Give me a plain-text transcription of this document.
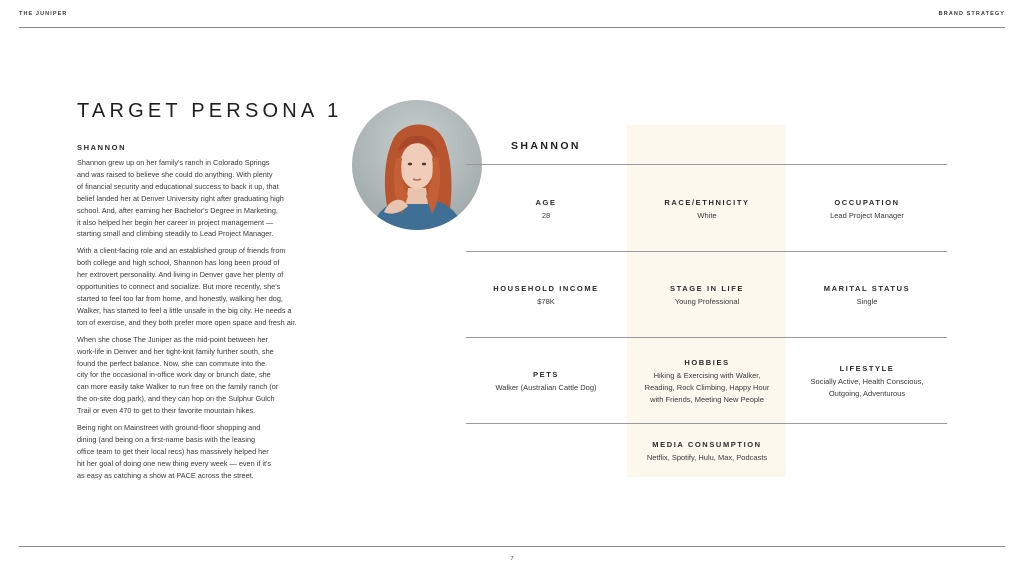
THE JUNIPER	BRAND STRATEGY
TARGET PERSONA 1
SHANNON

Shannon grew up on her family's ranch in Colorado Springs
and was raised to believe she could do anything. With plenty
of financial security and educational success to back it up, that
belief landed her at Denver University right after graduating high
school. And, after earning her Bachelor's Degree in Marketing,
it also helped her begin her career in project management —
starting small and climbing steadily to Lead Project Manager.

With a client-facing role and an established group of friends from
both college and high school, Shannon has long been proud of
her extrovert personality. And living in Denver gave her plenty of
opportunities to connect and socialize. But more recently, she's
started to feel too far from home, and honestly, walking her dog,
Walker, has started to feel a little unsafe in the big city. He needs a
ton of exercise, and they both prefer more open space and fresh air.

When she chose The Juniper as the mid-point between her
work-life in Denver and her tight-knit family further south, she
found the perfect balance. Now, she can commute into the
city for the occasional in-office work day or brunch date, she
can more easily take Walker to run free on the family ranch (or
the on-site dog park), and they can hop on the Sulphur Gulch
Trail or even 470 to get to their favorite mountain hikes.

Being right on Mainstreet with ground-floor shopping and
dining (and being on a first-name basis with the leasing
office team to get their local recs) has massively helped her
hit her goal of doing one new thing every week — even if it's
as easy as catching a show at PACE across the street.

SHANNON
AGE
28
RACE/ETHNICITY
White
OCCUPATION
Lead Project Manager
HOUSEHOLD INCOME
$78K
STAGE IN LIFE
Young Professional
MARITAL STATUS
Single
PETS
Walker (Australian Cattle Dog)
HOBBIES
Hiking & Exercising with Walker,
Reading, Rock Climbing, Happy Hour
with Friends, Meeting New People
LIFESTYLE
Socially Active, Health Conscious,
Outgoing, Adventurous
MEDIA CONSUMPTION
Netflix, Spotify, Hulu, Max, Podcasts
7
